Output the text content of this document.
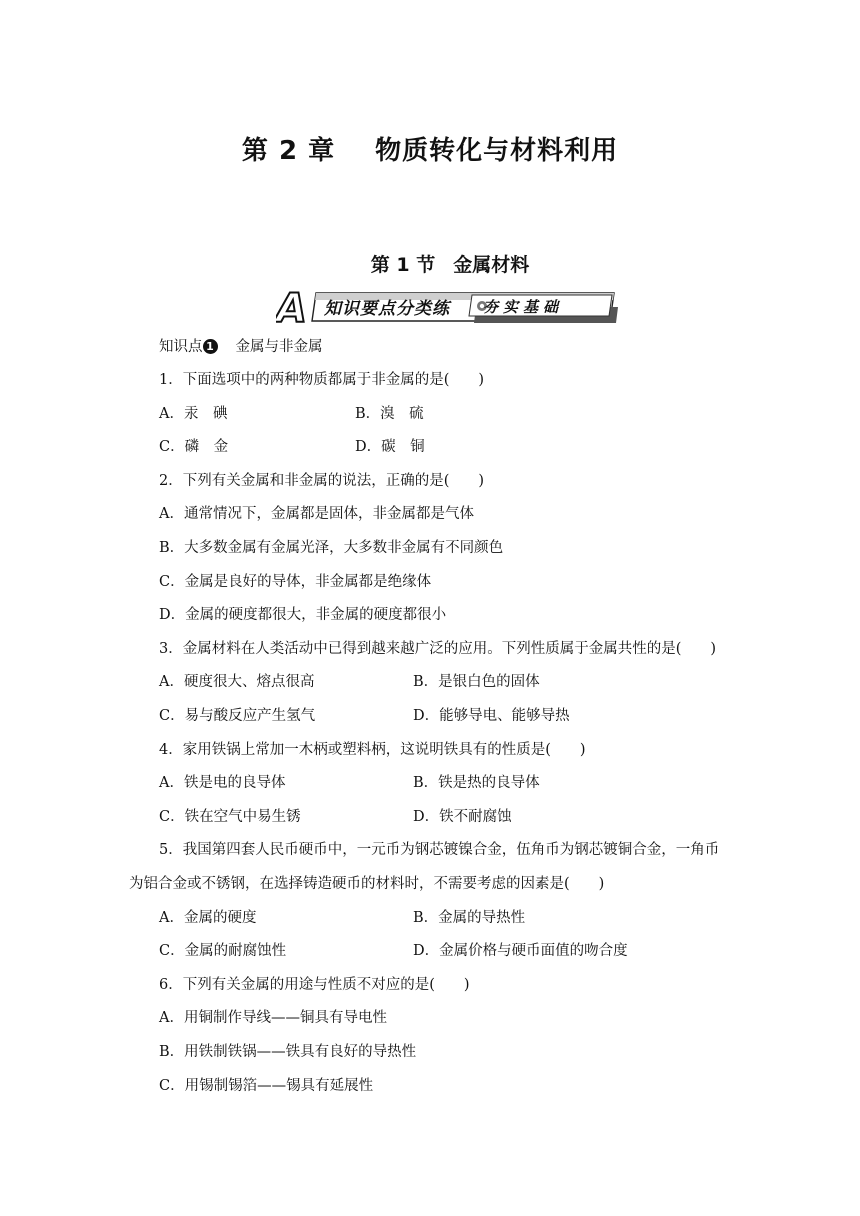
第 2 章 物质转化与材料利用
第 1 节 金属材料
A 知识要点分类练 夯实基础
知识点 1 金属与非金属
1．下面选项中的两种物质都属于非金属的是(　　)
A．汞　碘	B．溴　硫
C．磷　金	D．碳　铜
2．下列有关金属和非金属的说法，正确的是(　　)
A．通常情况下，金属都是固体，非金属都是气体
B．大多数金属有金属光泽，大多数非金属有不同颜色
C．金属是良好的导体，非金属都是绝缘体
D．金属的硬度都很大，非金属的硬度都很小
3．金属材料在人类活动中已得到越来越广泛的应用。下列性质属于金属共性的是(　　)
A．硬度很大、熔点很高	B．是银白色的固体
C．易与酸反应产生氢气	D．能够导电、能够导热
4．家用铁锅上常加一木柄或塑料柄，这说明铁具有的性质是(　　)
A．铁是电的良导体	B．铁是热的良导体
C．铁在空气中易生锈	D．铁不耐腐蚀
5．我国第四套人民币硬币中，一元币为钢芯镀镍合金，伍角币为钢芯镀铜合金，一角币
为铝合金或不锈钢，在选择铸造硬币的材料时，不需要考虑的因素是(　　)
A．金属的硬度	B．金属的导热性
C．金属的耐腐蚀性	D．金属价格与硬币面值的吻合度
6．下列有关金属的用途与性质不对应的是(　　)
A．用铜制作导线——铜具有导电性
B．用铁制铁锅——铁具有良好的导热性
C．用锡制锡箔——锡具有延展性
